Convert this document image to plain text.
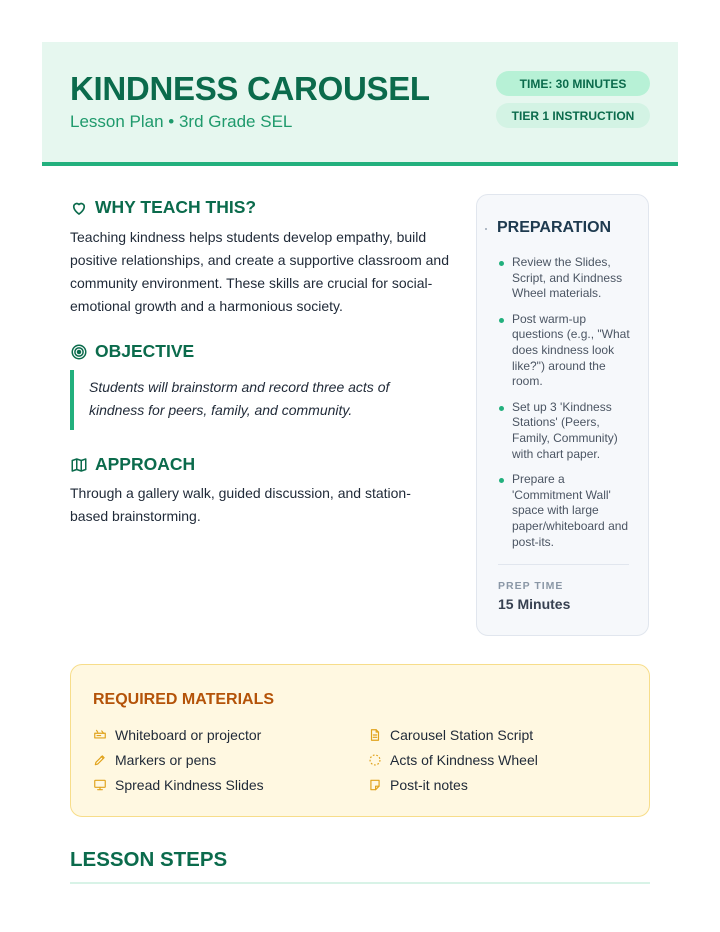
KINDNESS CAROUSEL
Lesson Plan • 3rd Grade SEL
TIME: 30 MINUTES
TIER 1 INSTRUCTION
WHY TEACH THIS?
Teaching kindness helps students develop empathy, build positive relationships, and create a supportive classroom and community environment. These skills are crucial for social-emotional growth and a harmonious society.
OBJECTIVE
Students will brainstorm and record three acts of kindness for peers, family, and community.
APPROACH
Through a gallery walk, guided discussion, and station-based brainstorming.
PREPARATION
Review the Slides, Script, and Kindness Wheel materials.
Post warm-up questions (e.g., "What does kindness look like?") around the room.
Set up 3 'Kindness Stations' (Peers, Family, Community) with chart paper.
Prepare a 'Commitment Wall' space with large paper/whiteboard and post-its.
PREP TIME
15 Minutes
REQUIRED MATERIALS
Whiteboard or projector
Markers or pens
Spread Kindness Slides
Carousel Station Script
Acts of Kindness Wheel
Post-it notes
LESSON STEPS
